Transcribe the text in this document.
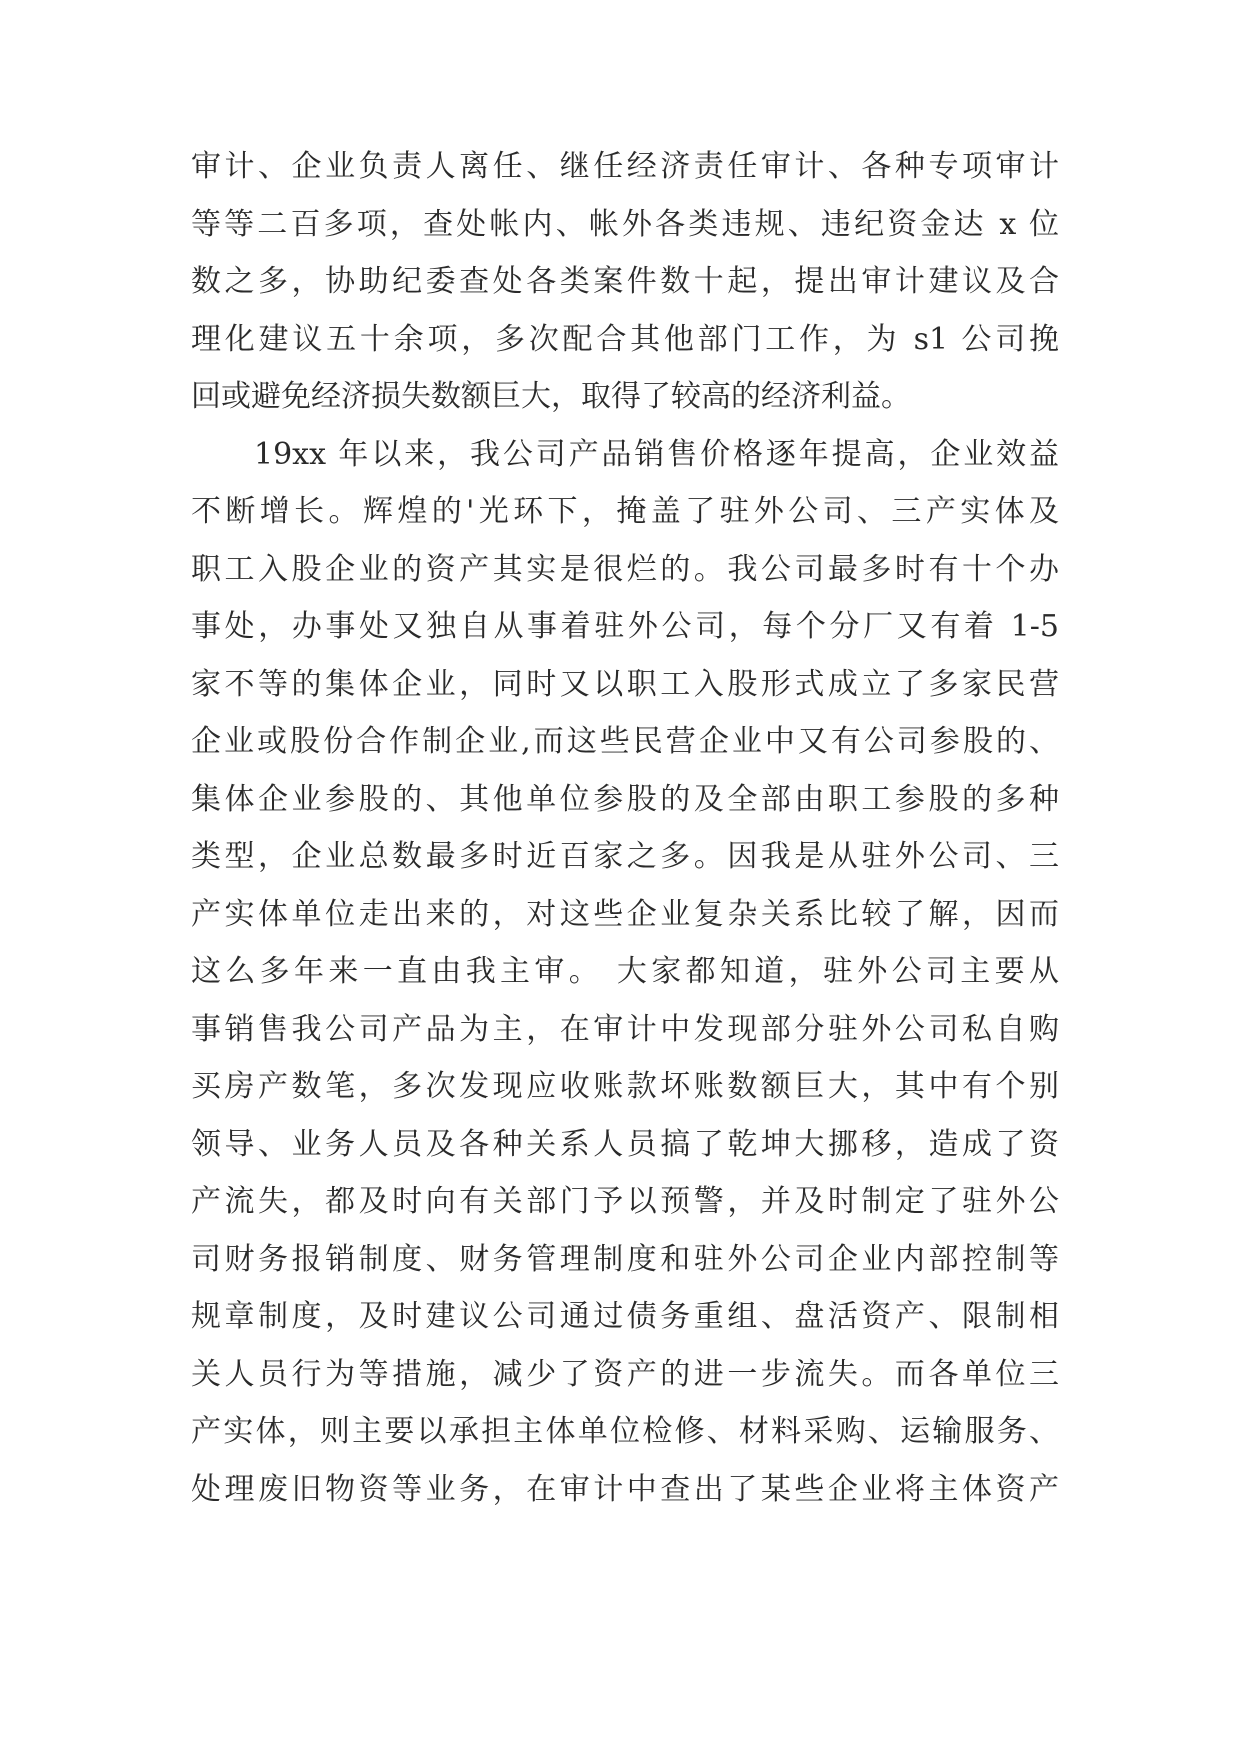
审计、企业负责人离任、继任经济责任审计、各种专项审计
等等二百多项，查处帐内、帐外各类违规、违纪资金达 x 位
数之多，协助纪委查处各类案件数十起，提出审计建议及合
理化建议五十余项，多次配合其他部门工作，为 s1 公司挽
回或避免经济损失数额巨大，取得了较高的经济利益。
19xx 年以来，我公司产品销售价格逐年提高，企业效益
不断增长。辉煌的'光环下，掩盖了驻外公司、三产实体及
职工入股企业的资产其实是很烂的。我公司最多时有十个办
事处，办事处又独自从事着驻外公司，每个分厂又有着 1-5
家不等的集体企业，同时又以职工入股形式成立了多家民营
企业或股份合作制企业,而这些民营企业中又有公司参股的、
集体企业参股的、其他单位参股的及全部由职工参股的多种
类型，企业总数最多时近百家之多。因我是从驻外公司、三
产实体单位走出来的，对这些企业复杂关系比较了解，因而
这么多年来一直由我主审。 大家都知道，驻外公司主要从
事销售我公司产品为主，在审计中发现部分驻外公司私自购
买房产数笔，多次发现应收账款坏账数额巨大，其中有个别
领导、业务人员及各种关系人员搞了乾坤大挪移，造成了资
产流失，都及时向有关部门予以预警，并及时制定了驻外公
司财务报销制度、财务管理制度和驻外公司企业内部控制等
规章制度，及时建议公司通过债务重组、盘活资产、限制相
关人员行为等措施，减少了资产的进一步流失。而各单位三
产实体，则主要以承担主体单位检修、材料采购、运输服务、
处理废旧物资等业务，在审计中查出了某些企业将主体资产
